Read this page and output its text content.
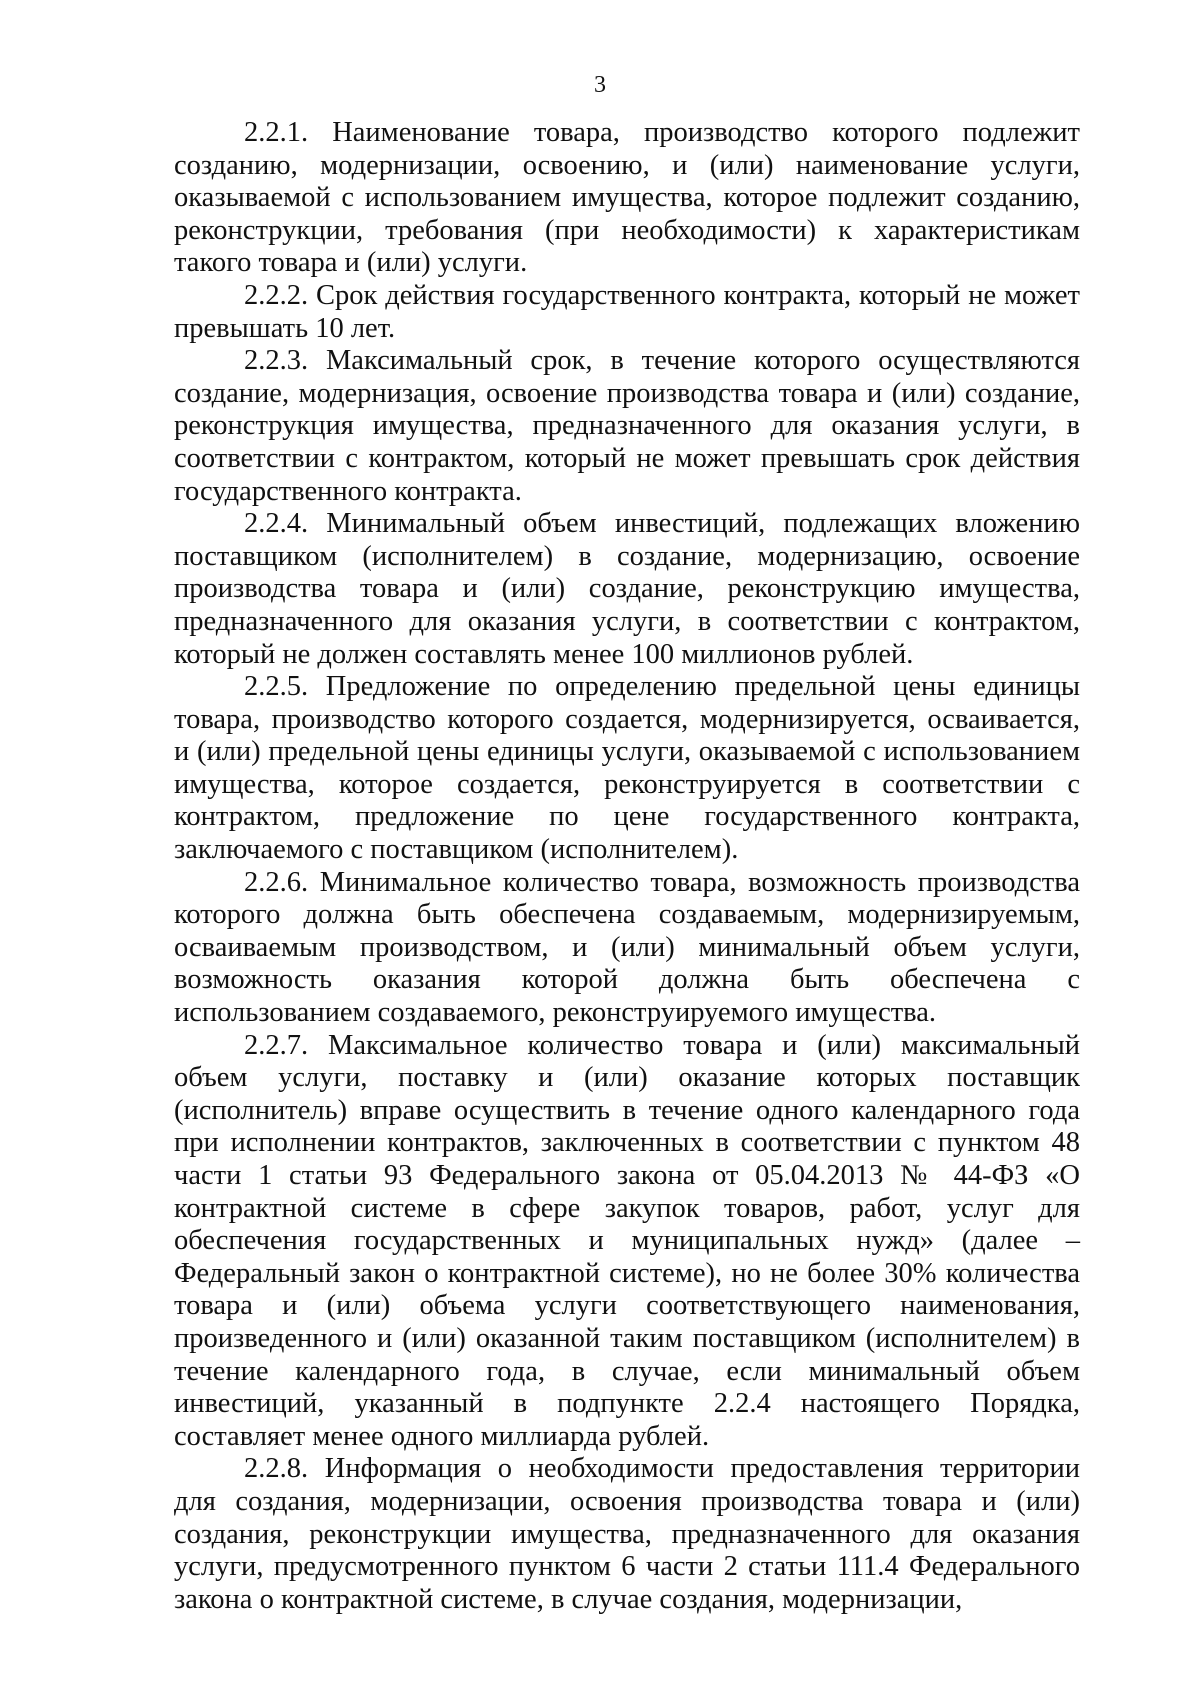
3

2.2.1. Наименование товара, производство которого подлежит созданию, модернизации, освоению, и (или) наименование услуги, оказываемой с использованием имущества, которое подлежит созданию, реконструкции, требования (при необходимости) к характеристикам такого товара и (или) услуги.

2.2.2. Срок действия государственного контракта, который не может превышать 10 лет.

2.2.3. Максимальный срок, в течение которого осуществляются создание, модернизация, освоение производства товара и (или) создание, реконструкция имущества, предназначенного для оказания услуги, в соответствии с контрактом, который не может превышать срок действия государственного контракта.

2.2.4. Минимальный объем инвестиций, подлежащих вложению поставщиком (исполнителем) в создание, модернизацию, освоение производства товара и (или) создание, реконструкцию имущества, предназначенного для оказания услуги, в соответствии с контрактом, который не должен составлять менее 100 миллионов рублей.

2.2.5. Предложение по определению предельной цены единицы товара, производство которого создается, модернизируется, осваивается, и (или) предельной цены единицы услуги, оказываемой с использованием имущества, которое создается, реконструируется в соответствии с контрактом, предложение по цене государственного контракта, заключаемого с поставщиком (исполнителем).

2.2.6. Минимальное количество товара, возможность производства которого должна быть обеспечена создаваемым, модернизируемым, осваиваемым производством, и (или) минимальный объем услуги, возможность оказания которой должна быть обеспечена с использованием создаваемого, реконструируемого имущества.

2.2.7. Максимальное количество товара и (или) максимальный объем услуги, поставку и (или) оказание которых поставщик (исполнитель) вправе осуществить в течение одного календарного года при исполнении контрактов, заключенных в соответствии с пунктом 48 части 1 статьи 93 Федерального закона от 05.04.2013 № 44-ФЗ «О контрактной системе в сфере закупок товаров, работ, услуг для обеспечения государственных и муниципальных нужд» (далее – Федеральный закон о контрактной системе), но не более 30% количества товара и (или) объема услуги соответствующего наименования, произведенного и (или) оказанной таким поставщиком (исполнителем) в течение календарного года, в случае, если минимальный объем инвестиций, указанный в подпункте 2.2.4 настоящего Порядка, составляет менее одного миллиарда рублей.

2.2.8. Информация о необходимости предоставления территории для создания, модернизации, освоения производства товара и (или) создания, реконструкции имущества, предназначенного для оказания услуги, предусмотренного пунктом 6 части 2 статьи 111.4 Федерального закона о контрактной системе, в случае создания, модернизации,
